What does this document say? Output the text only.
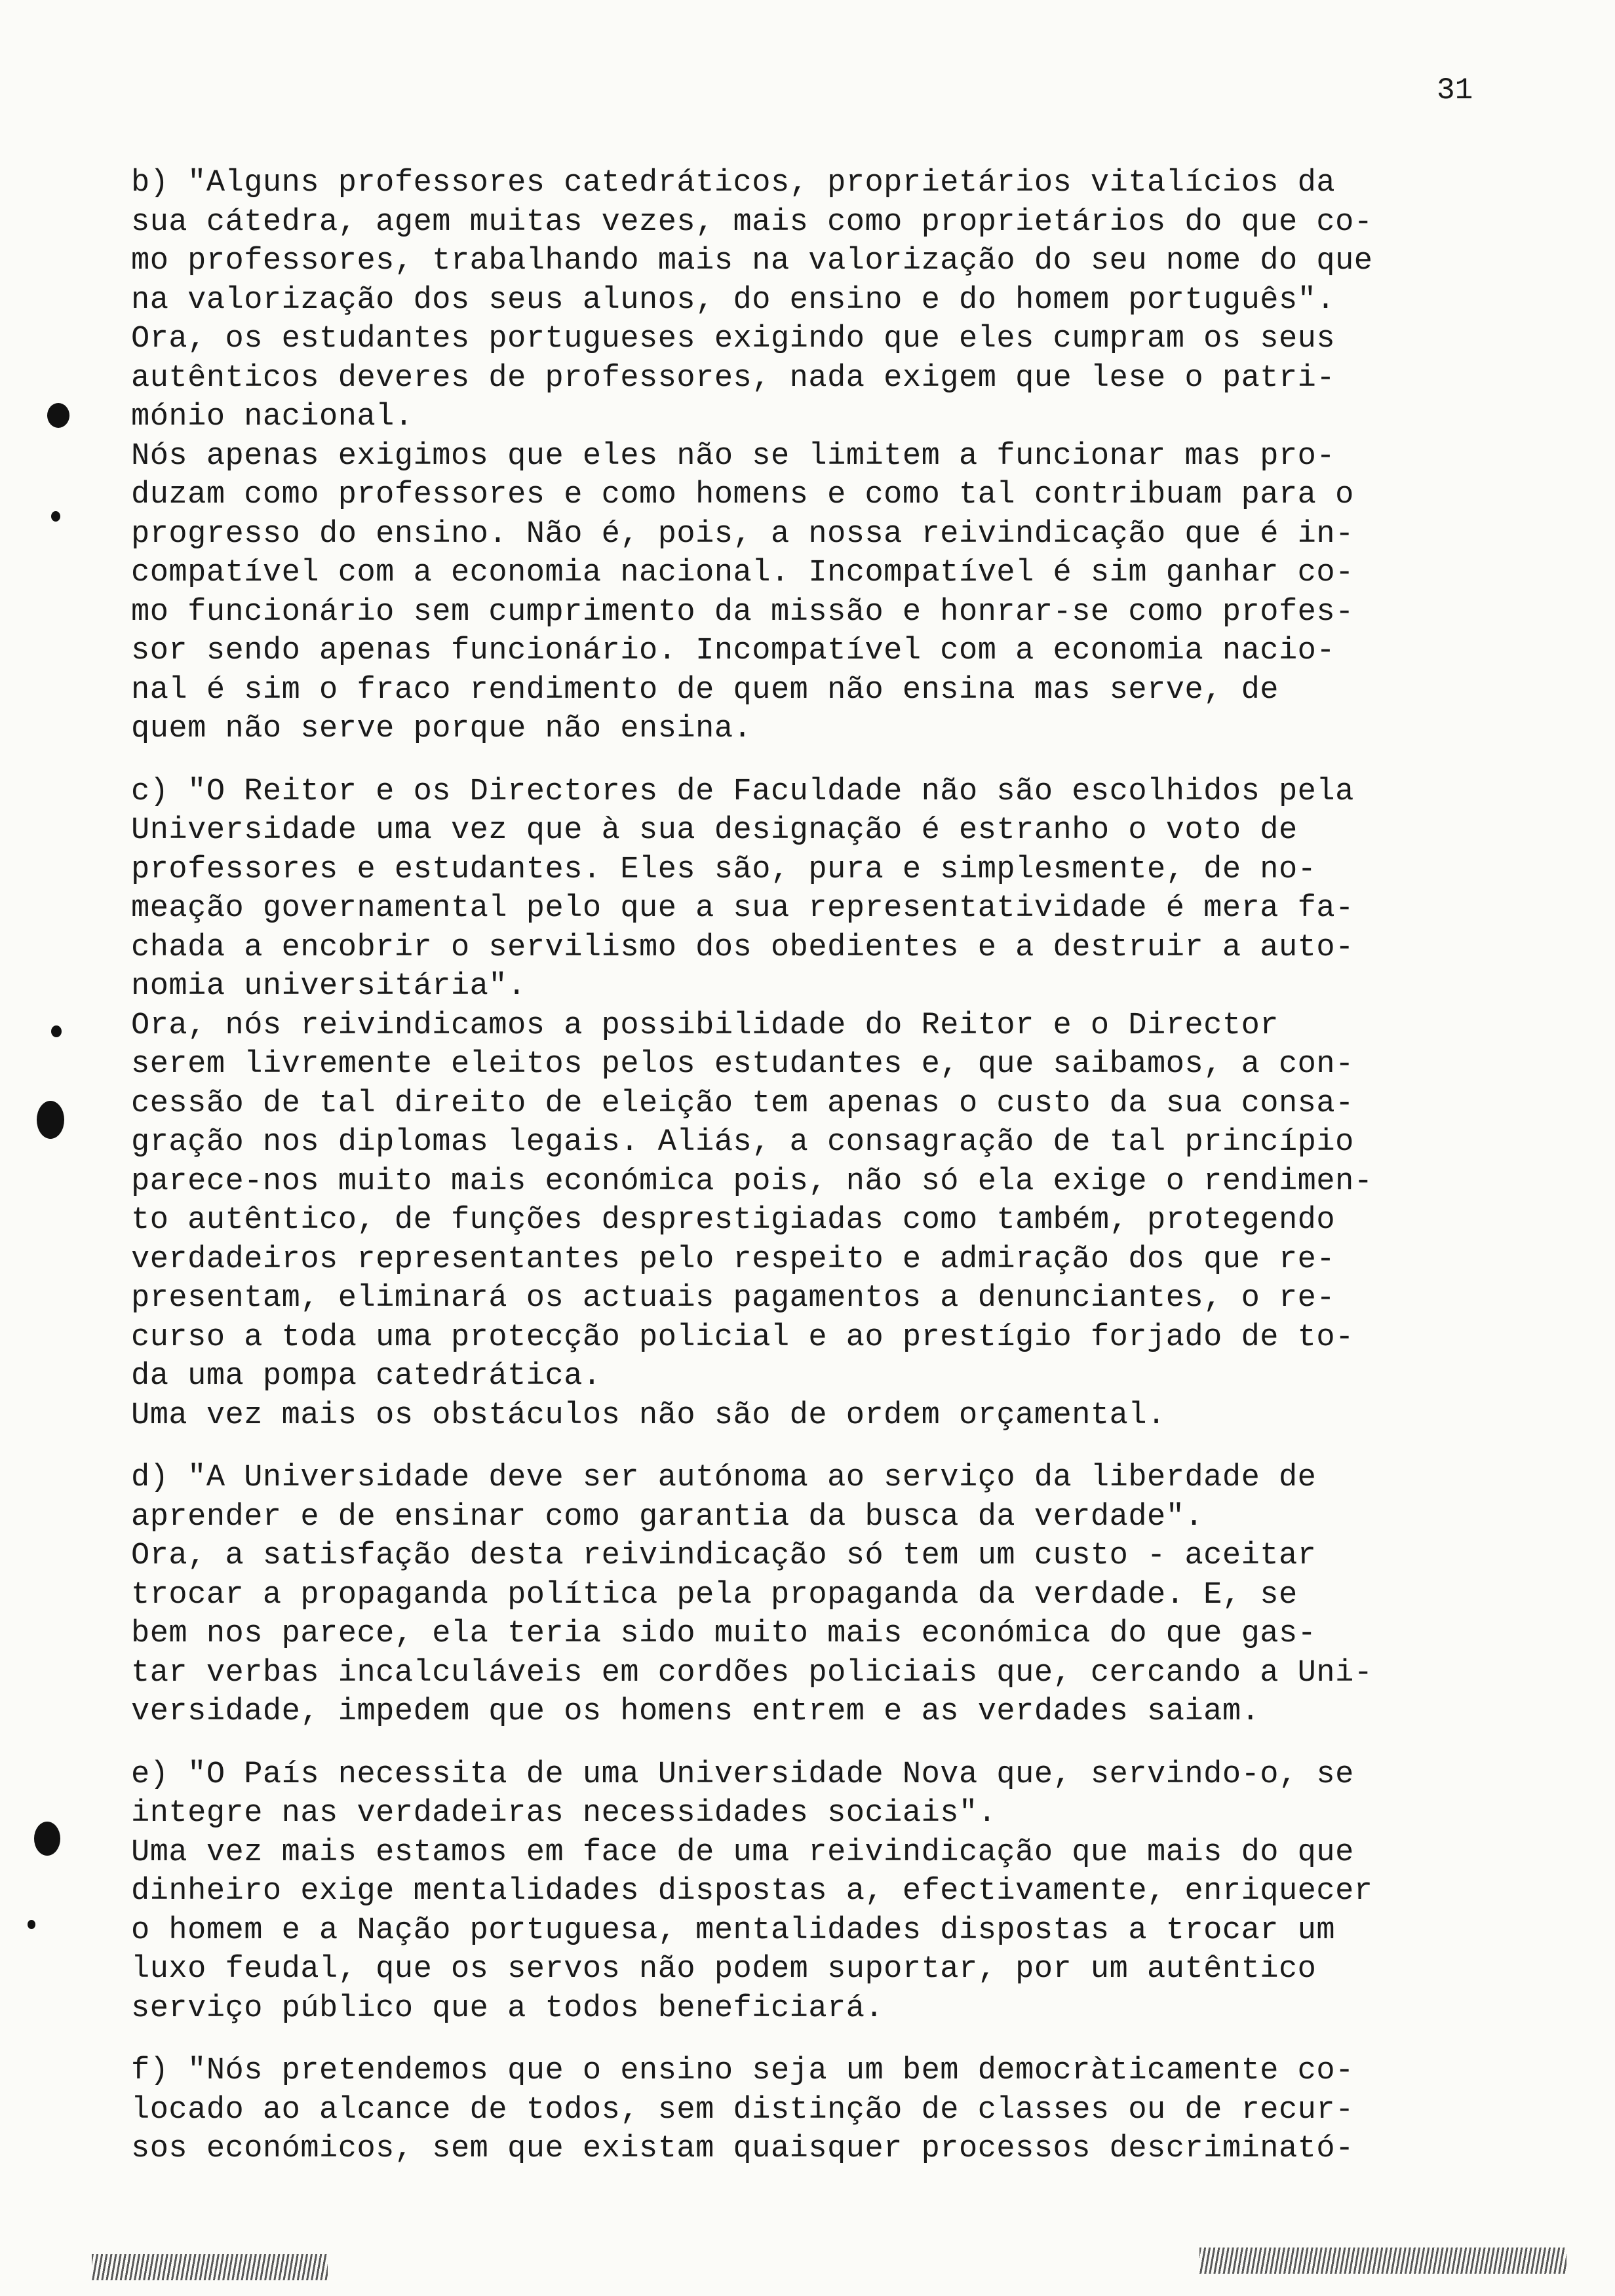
31
b) "Alguns professores catedráticos, proprietários vitalícios da
sua cátedra, agem muitas vezes, mais como proprietários do que co-
mo professores, trabalhando mais na valorização do seu nome do que
na valorização dos seus alunos, do ensino e do homem português".
Ora, os estudantes portugueses exigindo que eles cumpram os seus
autênticos deveres de professores, nada exigem que lese o patri-
mónio nacional.
Nós apenas exigimos que eles não se limitem a funcionar mas pro-
duzam como professores e como homens e como tal contribuam para o
progresso do ensino. Não é, pois, a nossa reivindicação que é in-
compatível com a economia nacional. Incompatível é sim ganhar co-
mo funcionário sem cumprimento da missão e honrar-se como profes-
sor sendo apenas funcionário. Incompatível com a economia nacio-
nal é sim o fraco rendimento de quem não ensina mas serve, de
quem não serve porque não ensina.
c) "O Reitor e os Directores de Faculdade não são escolhidos pela
Universidade uma vez que à sua designação é estranho o voto de
professores e estudantes. Eles são, pura e simplesmente, de no-
meação governamental pelo que a sua representatividade é mera fa-
chada a encobrir o servilismo dos obedientes e a destruir a auto-
nomia universitária".
Ora, nós reivindicamos a possibilidade do Reitor e o Director
serem livremente eleitos pelos estudantes e, que saibamos, a con-
cessão de tal direito de eleição tem apenas o custo da sua consa-
gração nos diplomas legais. Aliás, a consagração de tal princípio
parece-nos muito mais económica pois, não só ela exige o rendimen-
to autêntico, de funções desprestigiadas como também, protegendo
verdadeiros representantes pelo respeito e admiração dos que re-
presentam, eliminará os actuais pagamentos a denunciantes, o re-
curso a toda uma protecção policial e ao prestígio forjado de to-
da uma pompa catedrática.
Uma vez mais os obstáculos não são de ordem orçamental.
d) "A Universidade deve ser autónoma ao serviço da liberdade de
aprender e de ensinar como garantia da busca da verdade".
Ora, a satisfação desta reivindicação só tem um custo - aceitar
trocar a propaganda política pela propaganda da verdade. E, se
bem nos parece, ela teria sido muito mais económica do que gas-
tar verbas incalculáveis em cordões policiais que, cercando a Uni-
versidade, impedem que os homens entrem e as verdades saiam.
e) "O País necessita de uma Universidade Nova que, servindo-o, se
integre nas verdadeiras necessidades sociais".
Uma vez mais estamos em face de uma reivindicação que mais do que
dinheiro exige mentalidades dispostas a, efectivamente, enriquecer
o homem e a Nação portuguesa, mentalidades dispostas a trocar um
luxo feudal, que os servos não podem suportar, por um autêntico
serviço público que a todos beneficiará.
f) "Nós pretendemos que o ensino seja um bem democràticamente co-
locado ao alcance de todos, sem distinção de classes ou de recur-
sos económicos, sem que existam quaisquer processos descriminató-
